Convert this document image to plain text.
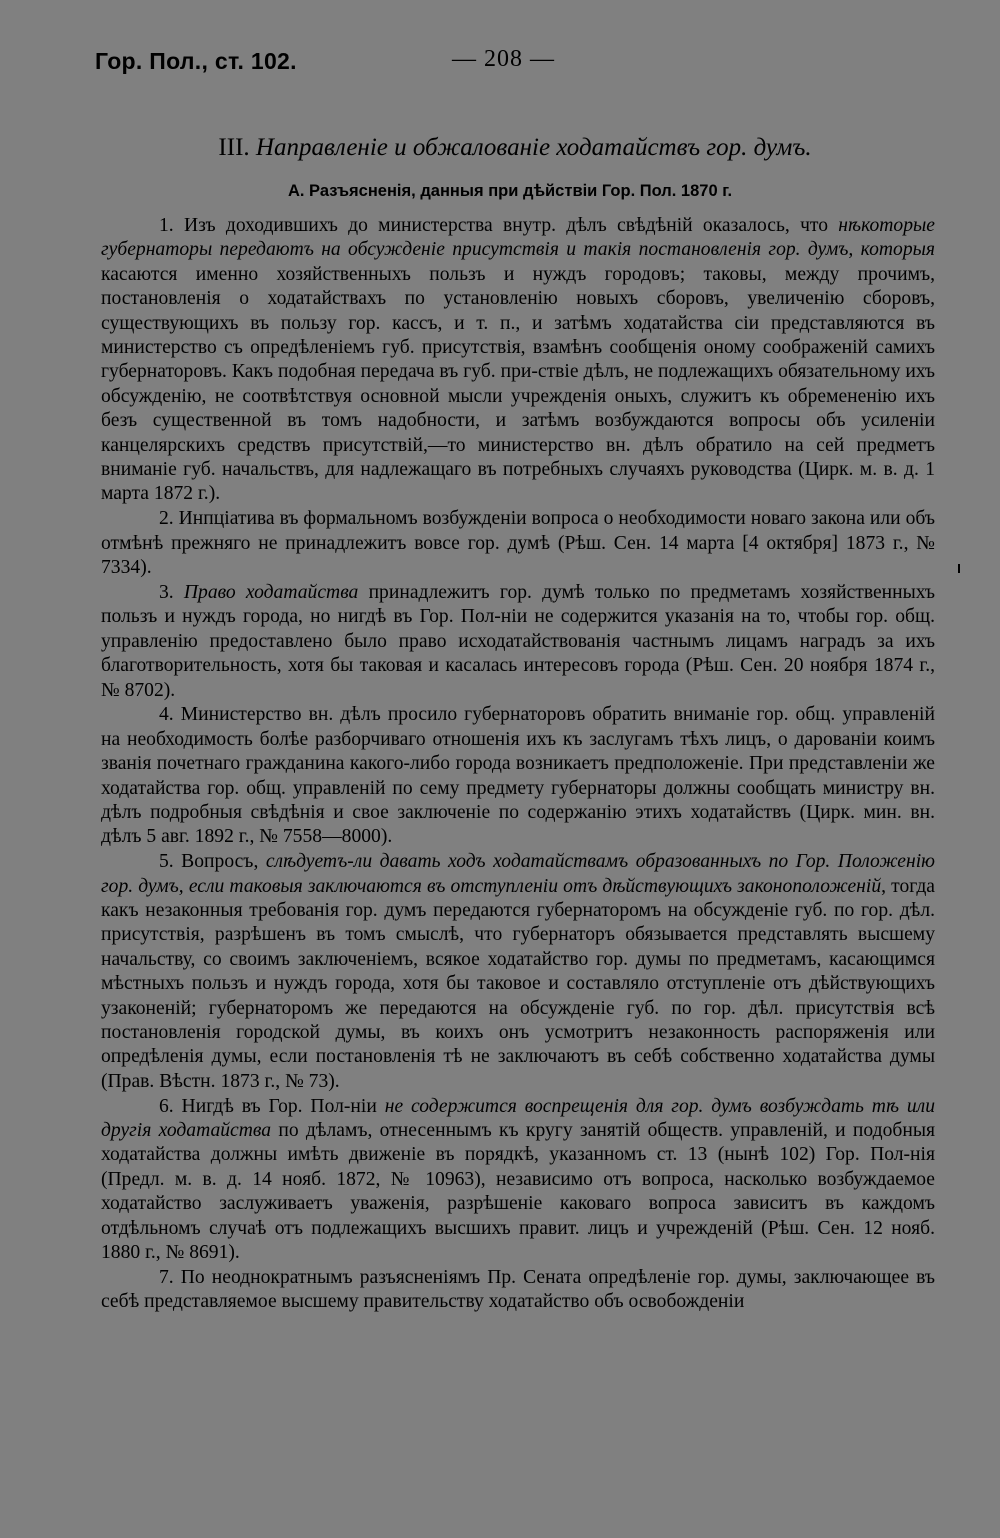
Гор. Пол., ст. 102.	— 208 —
III. Направленіе и обжалованіе ходатайствъ гор. думъ.
A. Разъясненія, данныя при дѣйствіи Гор. Пол. 1870 г.

1. Изъ доходившихъ до министерства внутр. дѣлъ свѣдѣній оказалось, что нѣкоторые губернаторы передаютъ на обсужденіе присутствія и такія постановленія гор. думъ, которыя касаются именно хозяйственныхъ пользъ и нуждъ городовъ; таковы, между прочимъ, постановленія о ходатайствахъ по установленію новыхъ сборовъ, увеличенію сборовъ, существующихъ въ пользу гор. кассъ, и т. п., и затѣмъ ходатайства сіи представляются въ министерство съ опредѣленіемъ губ. присутствія, взамѣнъ сообщенія оному соображеній самихъ губернаторовъ. Какъ подобная передача въ губ. при-ствіе дѣлъ, не подлежащихъ обязательному ихъ обсужденію, не соотвѣтствуя основной мысли учрежденія оныхъ, служитъ къ обремененію ихъ безъ существенной въ томъ надобности, и затѣмъ возбуждаются вопросы объ усиленіи канцелярскихъ средствъ присутствій,—то министерство вн. дѣлъ обратило на сей предметъ вниманіе губ. начальствъ, для надлежащаго въ потребныхъ случаяхъ руководства (Цирк. м. в. д. 1 марта 1872 г.).

2. Инпціатива въ формальномъ возбужденіи вопроса о необходимости новаго закона или объ отмѣнѣ прежняго не принадлежитъ вовсе гор. думѣ (Рѣш. Сен. 14 марта [4 октября] 1873 г., № 7334).

3. Право ходатайства принадлежитъ гор. думѣ только по предметамъ хозяйственныхъ пользъ и нуждъ города, но нигдѣ въ Гор. Пол-ніи не содержится указанія на то, чтобы гор. общ. управленію предоставлено было право исходатайствованія частнымъ лицамъ наградъ за ихъ благотворительность, хотя бы таковая и касалась интересовъ города (Рѣш. Сен. 20 ноября 1874 г., № 8702).

4. Министерство вн. дѣлъ просило губернаторовъ обратить вниманіе гор. общ. управленій на необходимость болѣе разборчиваго отношенія ихъ къ заслугамъ тѣхъ лицъ, о дарованіи коимъ званія почетнаго гражданина какого-либо города возникаетъ предположеніе. При представленіи же ходатайства гор. общ. управленій по сему предмету губернаторы должны сообщать министру вн. дѣлъ подробныя свѣдѣнія и свое заключеніе по содержанію этихъ ходатайствъ (Цирк. мин. вн. дѣлъ 5 авг. 1892 г., № 7558—8000).

5. Вопросъ, слѣдуетъ-ли давать ходъ ходатайствамъ образованныхъ по Гор. Положенію гор. думъ, если таковыя заключаются въ отступленіи отъ дѣйствующихъ законоположеній, тогда какъ незаконныя требованія гор. думъ передаются губернаторомъ на обсужденіе губ. по гор. дѣл. присутствія, разрѣшенъ въ томъ смыслѣ, что губернаторъ обязывается представлять высшему начальству, со своимъ заключеніемъ, всякое ходатайство гор. думы по предметамъ, касающимся мѣстныхъ пользъ и нуждъ города, хотя бы таковое и составляло отступленіе отъ дѣйствующихъ узаконеній; губернаторомъ же передаются на обсужденіе губ. по гор. дѣл. присутствія всѣ постановленія городской думы, въ коихъ онъ усмотритъ незаконность распоряженія или опредѣленія думы, если постановленія тѣ не заключаютъ въ себѣ собственно ходатайства думы (Прав. Вѣстн. 1873 г., № 73).

6. Нигдѣ въ Гор. Пол-ніи не содержится воспрещенія для гор. думъ возбуждать тѣ или другія ходатайства по дѣламъ, отнесеннымъ къ кругу занятій обществ. управленій, и подобныя ходатайства должны имѣть движеніе въ порядкѣ, указанномъ ст. 13 (нынѣ 102) Гор. Пол-нія (Предл. м. в. д. 14 нояб. 1872, № 10963), независимо отъ вопроса, насколько возбуждаемое ходатайство заслуживаетъ уваженія, разрѣшеніе каковаго вопроса зависитъ въ каждомъ отдѣльномъ случаѣ отъ подлежащихъ высшихъ правит. лицъ и учрежденій (Рѣш. Сен. 12 нояб. 1880 г., № 8691).

7. По неоднократнымъ разъясненіямъ Пр. Сената опредѣленіе гор. думы, заключающее въ себѣ представляемое высшему правительству ходатайство объ освобожденіи
